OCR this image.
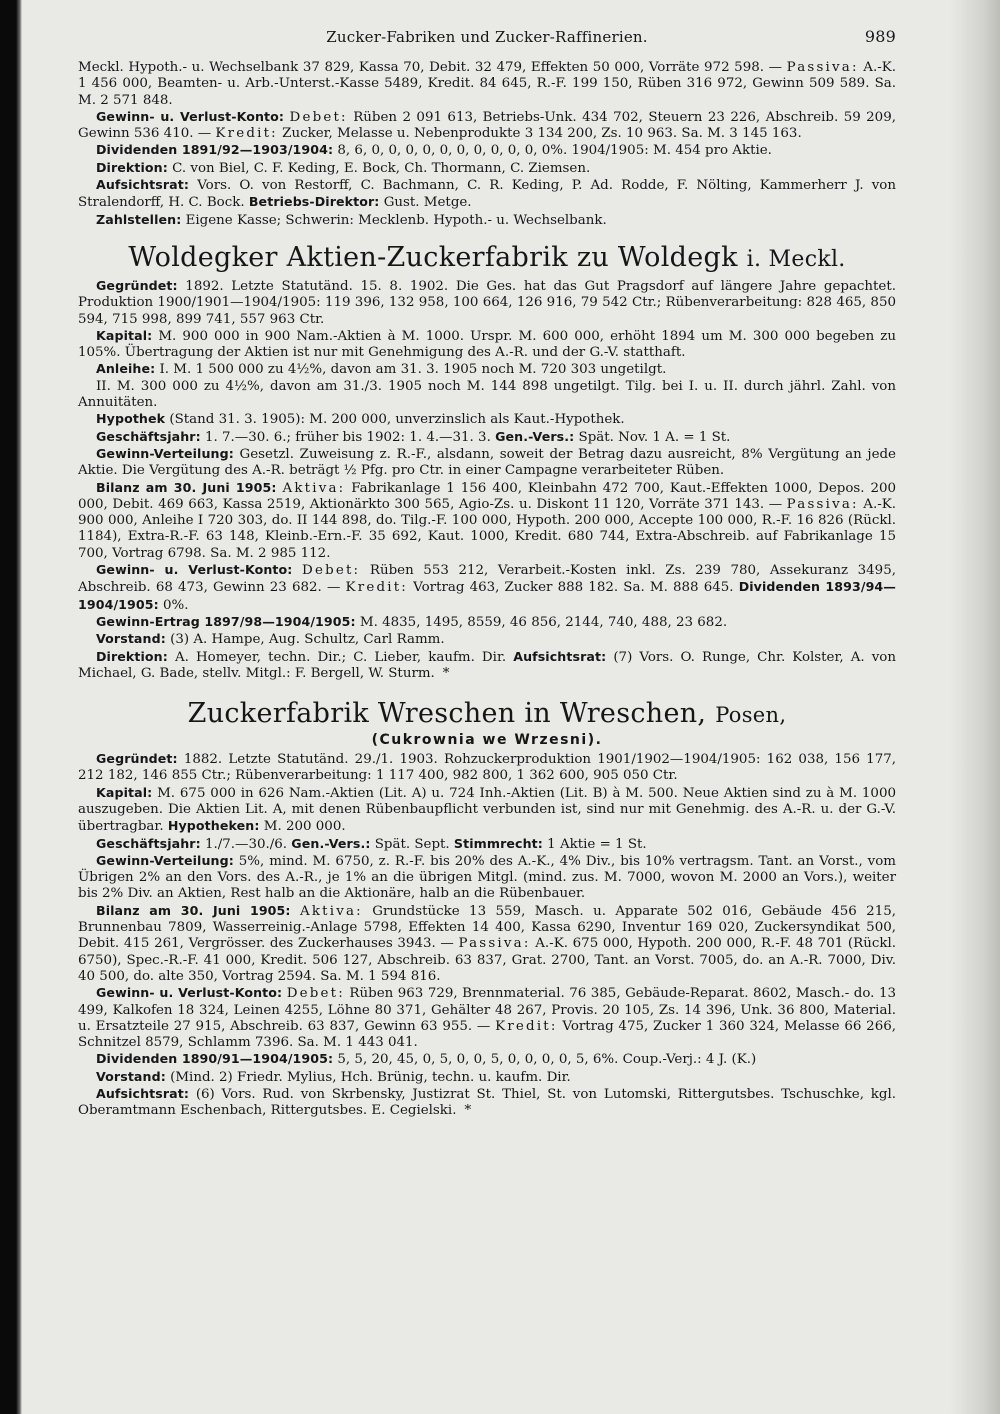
Zucker-Fabriken und Zucker-Raffinerien.	989

Meckl. Hypoth.- u. Wechselbank 37 829, Kassa 70, Debit. 32 479, Effekten 50 000, Vorräte 972 598. — Passiva: A.-K. 1 456 000, Beamten- u. Arb.-Unterst.-Kasse 5489, Kredit. 84 645, R.-F. 199 150, Rüben 316 972, Gewinn 509 589. Sa. M. 2 571 848.

Gewinn- u. Verlust-Konto: Debet: Rüben 2 091 613, Betriebs-Unk. 434 702, Steuern 23 226, Abschreib. 59 209, Gewinn 536 410. — Kredit: Zucker, Melasse u. Nebenprodukte 3 134 200, Zs. 10 963. Sa. M. 3 145 163.

Dividenden 1891/92—1903/1904: 8, 6, 0, 0, 0, 0, 0, 0, 0, 0, 0, 0, 0%. 1904/1905: M. 454 pro Aktie.

Direktion: C. von Biel, C. F. Keding, E. Bock, Ch. Thormann, C. Ziemsen.

Aufsichtsrat: Vors. O. von Restorff, C. Bachmann, C. R. Keding, P. Ad. Rodde, F. Nölting, Kammerherr J. von Stralendorff, H. C. Bock. Betriebs-Direktor: Gust. Metge.

Zahlstellen: Eigene Kasse; Schwerin: Mecklenb. Hypoth.- u. Wechselbank.

Woldegker Aktien-Zuckerfabrik zu Woldegk i. Meckl.

Gegründet: 1892. Letzte Statutänd. 15. 8. 1902. Die Ges. hat das Gut Pragsdorf auf längere Jahre gepachtet. Produktion 1900/1901—1904/1905: 119 396, 132 958, 100 664, 126 916, 79 542 Ctr.; Rübenverarbeitung: 828 465, 850 594, 715 998, 899 741, 557 963 Ctr.

Kapital: M. 900 000 in 900 Nam.-Aktien à M. 1000. Urspr. M. 600 000, erhöht 1894 um M. 300 000 begeben zu 105%. Übertragung der Aktien ist nur mit Genehmigung des A.-R. und der G.-V. statthaft.

Anleihe: I. M. 1 500 000 zu 4½%, davon am 31. 3. 1905 noch M. 720 303 ungetilgt.

II. M. 300 000 zu 4½%, davon am 31./3. 1905 noch M. 144 898 ungetilgt. Tilg. bei I. u. II. durch jährl. Zahl. von Annuitäten.

Hypothek (Stand 31. 3. 1905): M. 200 000, unverzinslich als Kaut.-Hypothek.

Geschäftsjahr: 1. 7.—30. 6.; früher bis 1902: 1. 4.—31. 3. Gen.-Vers.: Spät. Nov. 1 A. = 1 St.

Gewinn-Verteilung: Gesetzl. Zuweisung z. R.-F., alsdann, soweit der Betrag dazu ausreicht, 8% Vergütung an jede Aktie. Die Vergütung des A.-R. beträgt ½ Pfg. pro Ctr. in einer Campagne verarbeiteter Rüben.

Bilanz am 30. Juni 1905: Aktiva: Fabrikanlage 1 156 400, Kleinbahn 472 700, Kaut.-Effekten 1000, Depos. 200 000, Debit. 469 663, Kassa 2519, Aktionärkto 300 565, Agio-Zs. u. Diskont 11 120, Vorräte 371 143. — Passiva: A.-K. 900 000, Anleihe I 720 303, do. II 144 898, do. Tilg.-F. 100 000, Hypoth. 200 000, Accepte 100 000, R.-F. 16 826 (Rückl. 1184), Extra-R.-F. 63 148, Kleinb.-Ern.-F. 35 692, Kaut. 1000, Kredit. 680 744, Extra-Abschreib. auf Fabrikanlage 15 700, Vortrag 6798. Sa. M. 2 985 112.

Gewinn- u. Verlust-Konto: Debet: Rüben 553 212, Verarbeit.-Kosten inkl. Zs. 239 780, Assekuranz 3495, Abschreib. 68 473, Gewinn 23 682. — Kredit: Vortrag 463, Zucker 888 182. Sa. M. 888 645. Dividenden 1893/94—1904/1905: 0%.

Gewinn-Ertrag 1897/98—1904/1905: M. 4835, 1495, 8559, 46 856, 2144, 740, 488, 23 682.

Vorstand: (3) A. Hampe, Aug. Schultz, Carl Ramm.

Direktion: A. Homeyer, techn. Dir.; C. Lieber, kaufm. Dir. Aufsichtsrat: (7) Vors. O. Runge, Chr. Kolster, A. von Michael, G. Bade, stellv. Mitgl.: F. Bergell, W. Sturm. *

Zuckerfabrik Wreschen in Wreschen, Posen,
(Cukrownia we Wrzesni).

Gegründet: 1882. Letzte Statutänd. 29./1. 1903. Rohzuckerproduktion 1901/1902—1904/1905: 162 038, 156 177, 212 182, 146 855 Ctr.; Rübenverarbeitung: 1 117 400, 982 800, 1 362 600, 905 050 Ctr.

Kapital: M. 675 000 in 626 Nam.-Aktien (Lit. A) u. 724 Inh.-Aktien (Lit. B) à M. 500. Neue Aktien sind zu à M. 1000 auszugeben. Die Aktien Lit. A, mit denen Rübenbaupflicht verbunden ist, sind nur mit Genehmig. des A.-R. u. der G.-V. übertragbar. Hypotheken: M. 200 000.

Geschäftsjahr: 1./7.—30./6. Gen.-Vers.: Spät. Sept. Stimmrecht: 1 Aktie = 1 St.

Gewinn-Verteilung: 5%, mind. M. 6750, z. R.-F. bis 20% des A.-K., 4% Div., bis 10% vertragsm. Tant. an Vorst., vom Übrigen 2% an den Vors. des A.-R., je 1% an die übrigen Mitgl. (mind. zus. M. 7000, wovon M. 2000 an Vors.), weiter bis 2% Div. an Aktien, Rest halb an die Aktionäre, halb an die Rübenbauer.

Bilanz am 30. Juni 1905: Aktiva: Grundstücke 13 559, Masch. u. Apparate 502 016, Gebäude 456 215, Brunnenbau 7809, Wasserreinig.-Anlage 5798, Effekten 14 400, Kassa 6290, Inventur 169 020, Zuckersyndikat 500, Debit. 415 261, Vergrösser. des Zuckerhauses 3943. — Passiva: A.-K. 675 000, Hypoth. 200 000, R.-F. 48 701 (Rückl. 6750), Spec.-R.-F. 41 000, Kredit. 506 127, Abschreib. 63 837, Grat. 2700, Tant. an Vorst. 7005, do. an A.-R. 7000, Div. 40 500, do. alte 350, Vortrag 2594. Sa. M. 1 594 816.

Gewinn- u. Verlust-Konto: Debet: Rüben 963 729, Brennmaterial. 76 385, Gebäude-Reparat. 8602, Masch.- do. 13 499, Kalkofen 18 324, Leinen 4255, Löhne 80 371, Gehälter 48 267, Provis. 20 105, Zs. 14 396, Unk. 36 800, Material. u. Ersatzteile 27 915, Abschreib. 63 837, Gewinn 63 955. — Kredit: Vortrag 475, Zucker 1 360 324, Melasse 66 266, Schnitzel 8579, Schlamm 7396. Sa. M. 1 443 041.

Dividenden 1890/91—1904/1905: 5, 5, 20, 45, 0, 5, 0, 0, 5, 0, 0, 0, 0, 5, 6%. Coup.-Verj.: 4 J. (K.)

Vorstand: (Mind. 2) Friedr. Mylius, Hch. Brünig, techn. u. kaufm. Dir.

Aufsichtsrat: (6) Vors. Rud. von Skrbensky, Justizrat St. Thiel, St. von Lutomski, Rittergutsbes. Tschuschke, kgl. Oberamtmann Eschenbach, Rittergutsbes. E. Cegielski. *
